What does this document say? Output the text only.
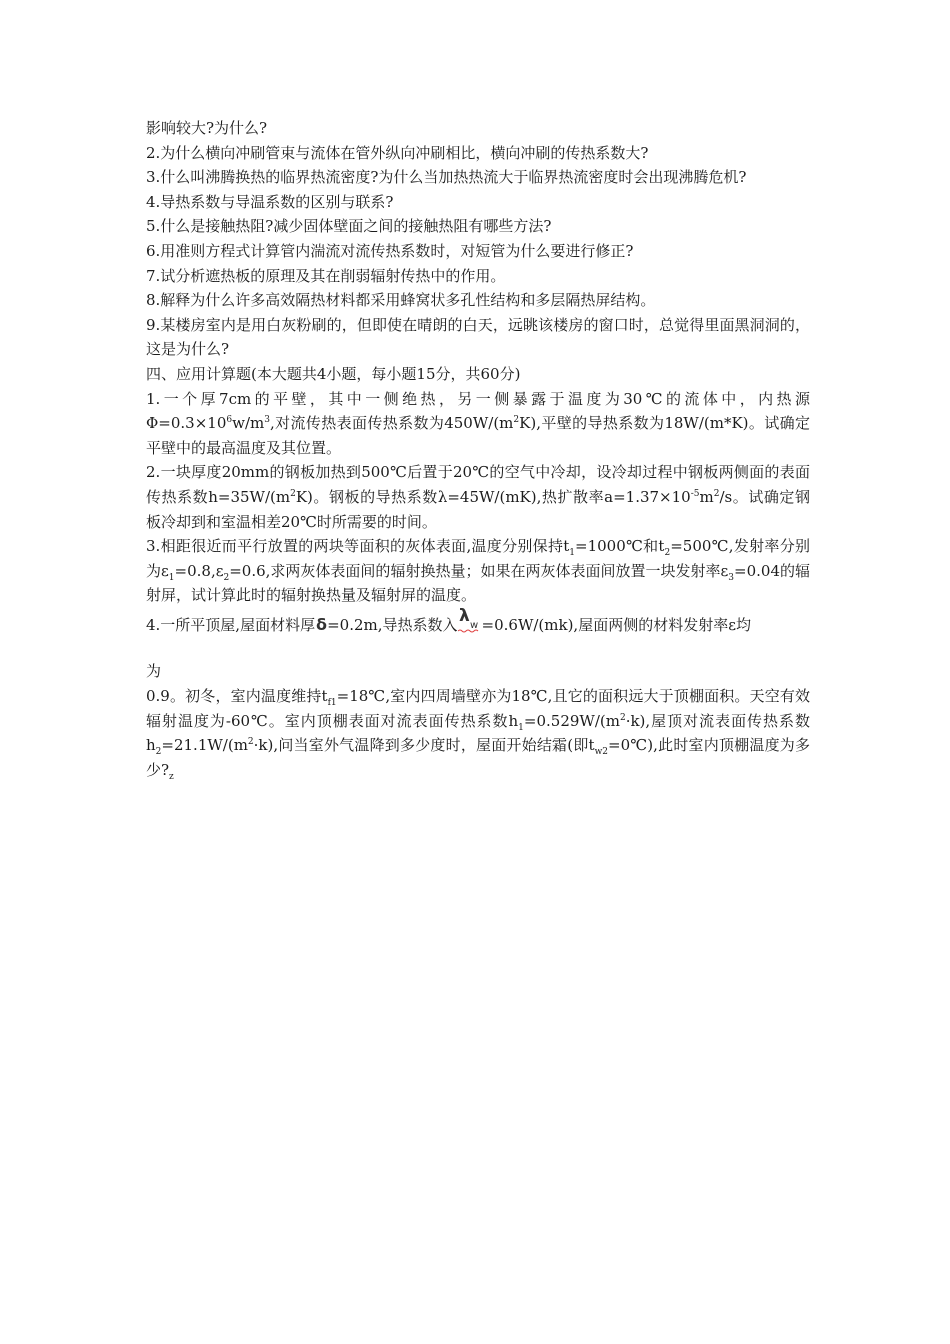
影响较大?为什么?

2.为什么横向冲刷管束与流体在管外纵向冲刷相比，横向冲刷的传热系数大?

3.什么叫沸腾换热的临界热流密度?为什么当加热热流大于临界热流密度时会出现沸腾危机?

4.导热系数与导温系数的区别与联系?

5.什么是接触热阻?减少固体壁面之间的接触热阻有哪些方法?

6.用准则方程式计算管内湍流对流传热系数时，对短管为什么要进行修正?

7.试分析遮热板的原理及其在削弱辐射传热中的作用。

8.解释为什么许多高效隔热材料都采用蜂窝状多孔性结构和多层隔热屏结构。

9.某楼房室内是用白灰粉刷的，但即使在晴朗的白天，远眺该楼房的窗口时，总觉得里面黑洞洞的，这是为什么?

四、应用计算题(本大题共4小题，每小题15分，共60分)

1.一个厚7cm的平壁，其中一侧绝热，另一侧暴露于温度为30℃的流体中，内热源$\Phi=0.3\times 10^6w/m^3$,对流传热表面传热系数为$450W/(m^2K)$,平壁的导热系数为18W/(m*K)。试确定平壁中的最高温度及其位置。

2.一块厚度20mm的钢板加热到500℃后置于20℃的空气中冷却，设冷却过程中钢板两侧面的表面传热系数$h=35W/(m^2K)$。钢板的导热系数λ=45W/(mK),热扩散率$a=1.37\times 10^{-5}m^2/s$。试确定钢板冷却到和室温相差20℃时所需要的时间。

3.相距很近而平行放置的两块等面积的灰体表面,温度分别保持$t_1=1000℃$和$t_2=500℃$,发射率分别为$\varepsilon_1=0.8,\varepsilon_2=0.6$,求两灰体表面间的辐射换热量；如果在两灰体表面间放置一块发射率$\varepsilon_3=0.04$的辐射屏，试计算此时的辐射换热量及辐射屏的温度。

4.一所平顶屋,屋面材料厚 δ =0.2m,导热系数入 λ w =0.6W/(mk),屋面两侧的材料发射率ε均

为

0.9。初冬，室内温度维持$t_{f1}=18℃$,室内四周墙壁亦为18℃,且它的面积远大于顶棚面积。天空有效辐射温度为-60℃。室内顶棚表面对流表面传热系数$h_1=0.529W/(m^2\cdot k)$,屋顶对流表面传热系数$h_2=21.1W/(m^2\cdot k)$,问当室外气温降到多少度时，屋面开始结霜(即$t_{w2}=0℃$),此时室内顶棚温度为多少$?_z$
